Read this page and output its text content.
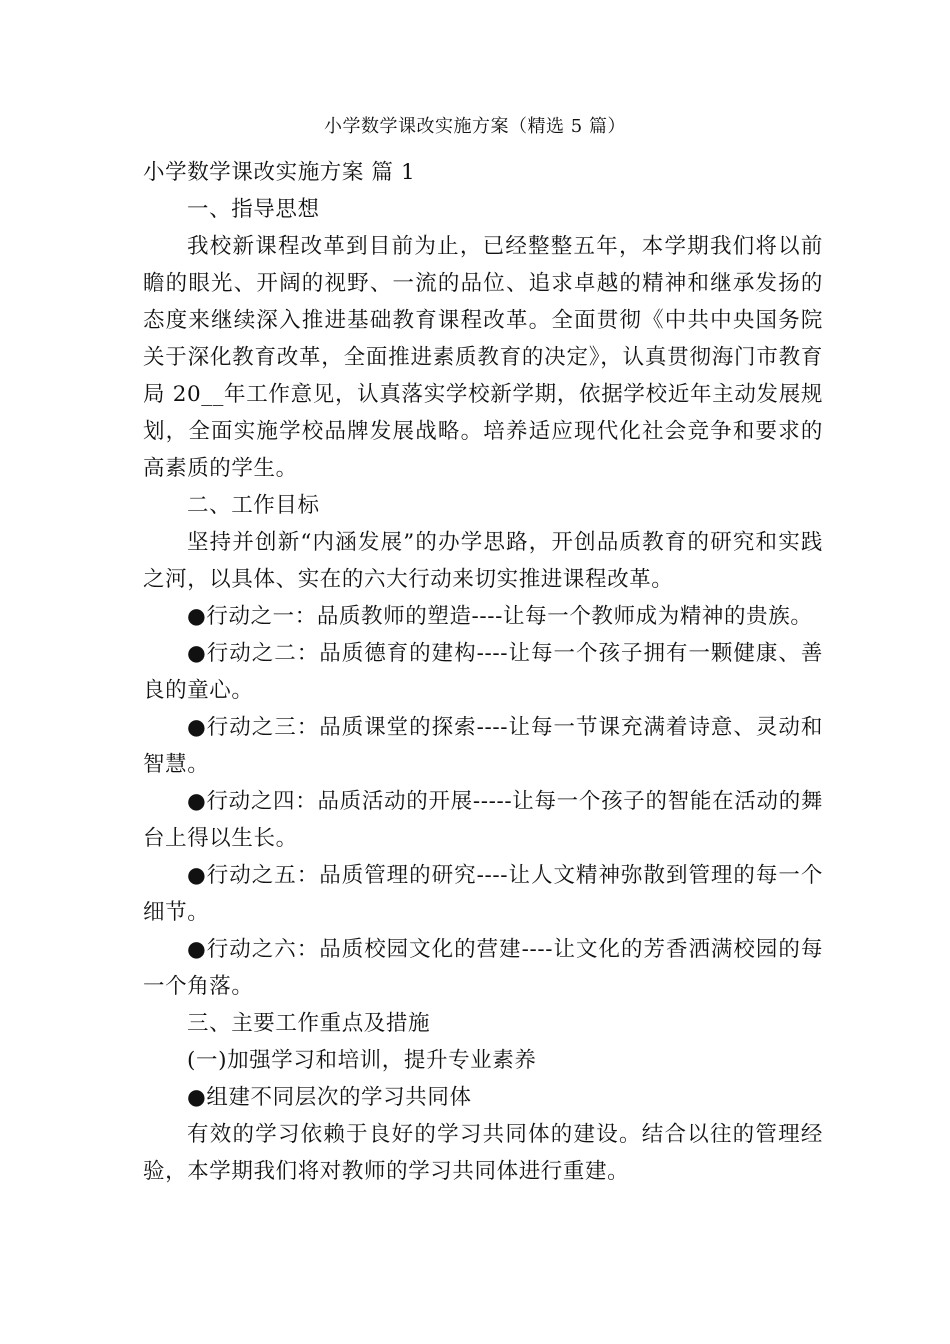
小学数学课改实施方案（精选 5 篇）

小学数学课改实施方案 篇 1

一、指导思想

我校新课程改革到目前为止，已经整整五年，本学期我们将以前瞻的眼光、开阔的视野、一流的品位、追求卓越的精神和继承发扬的态度来继续深入推进基础教育课程改革。全面贯彻《中共中央国务院关于深化教育改革，全面推进素质教育的决定》，认真贯彻海门市教育局 20__年工作意见，认真落实学校新学期，依据学校近年主动发展规划，全面实施学校品牌发展战略。培养适应现代化社会竞争和要求的高素质的学生。

二、工作目标

坚持并创新“内涵发展”的办学思路，开创品质教育的研究和实践之河，以具体、实在的六大行动来切实推进课程改革。

●行动之一：品质教师的塑造----让每一个教师成为精神的贵族。

●行动之二：品质德育的建构----让每一个孩子拥有一颗健康、善良的童心。

●行动之三：品质课堂的探索----让每一节课充满着诗意、灵动和智慧。

●行动之四：品质活动的开展-----让每一个孩子的智能在活动的舞台上得以生长。

●行动之五：品质管理的研究----让人文精神弥散到管理的每一个细节。

●行动之六：品质校园文化的营建----让文化的芳香洒满校园的每一个角落。

三、主要工作重点及措施

(一)加强学习和培训，提升专业素养

●组建不同层次的学习共同体

有效的学习依赖于良好的学习共同体的建设。结合以往的管理经验，本学期我们将对教师的学习共同体进行重建。
